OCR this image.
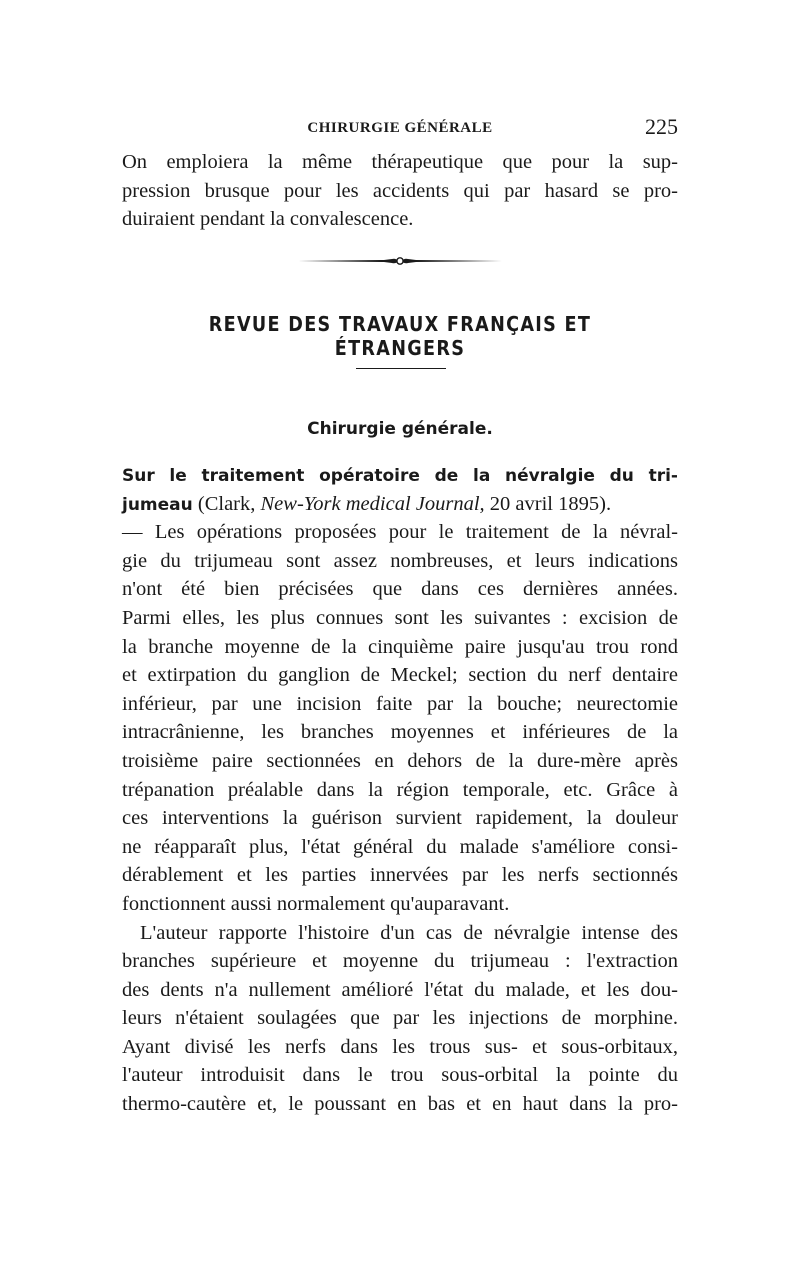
CHIRURGIE GÉNÉRALE	225
On emploiera la même thérapeutique que pour la sup-
pression brusque pour les accidents qui par hasard se pro-
duiraient pendant la convalescence.
REVUE DES TRAVAUX FRANÇAIS ET ÉTRANGERS
Chirurgie générale.
Sur le traitement opératoire de la névralgie du tri-
jumeau (Clark, New-York medical Journal, 20 avril 1895).
— Les opérations proposées pour le traitement de la névral-
gie du trijumeau sont assez nombreuses, et leurs indications
n'ont été bien précisées que dans ces dernières années.
Parmi elles, les plus connues sont les suivantes : excision de
la branche moyenne de la cinquième paire jusqu'au trou rond
et extirpation du ganglion de Meckel; section du nerf dentaire
inférieur, par une incision faite par la bouche; neurectomie
intracrânienne, les branches moyennes et inférieures de la
troisième paire sectionnées en dehors de la dure-mère après
trépanation préalable dans la région temporale, etc. Grâce à
ces interventions la guérison survient rapidement, la douleur
ne réapparaît plus, l'état général du malade s'améliore consi-
dérablement et les parties innervées par les nerfs sectionnés
fonctionnent aussi normalement qu'auparavant.
L'auteur rapporte l'histoire d'un cas de névralgie intense des
branches supérieure et moyenne du trijumeau : l'extraction
des dents n'a nullement amélioré l'état du malade, et les dou-
leurs n'étaient soulagées que par les injections de morphine.
Ayant divisé les nerfs dans les trous sus- et sous-orbitaux,
l'auteur introduisit dans le trou sous-orbital la pointe du
thermo-cautère et, le poussant en bas et en haut dans la pro-
